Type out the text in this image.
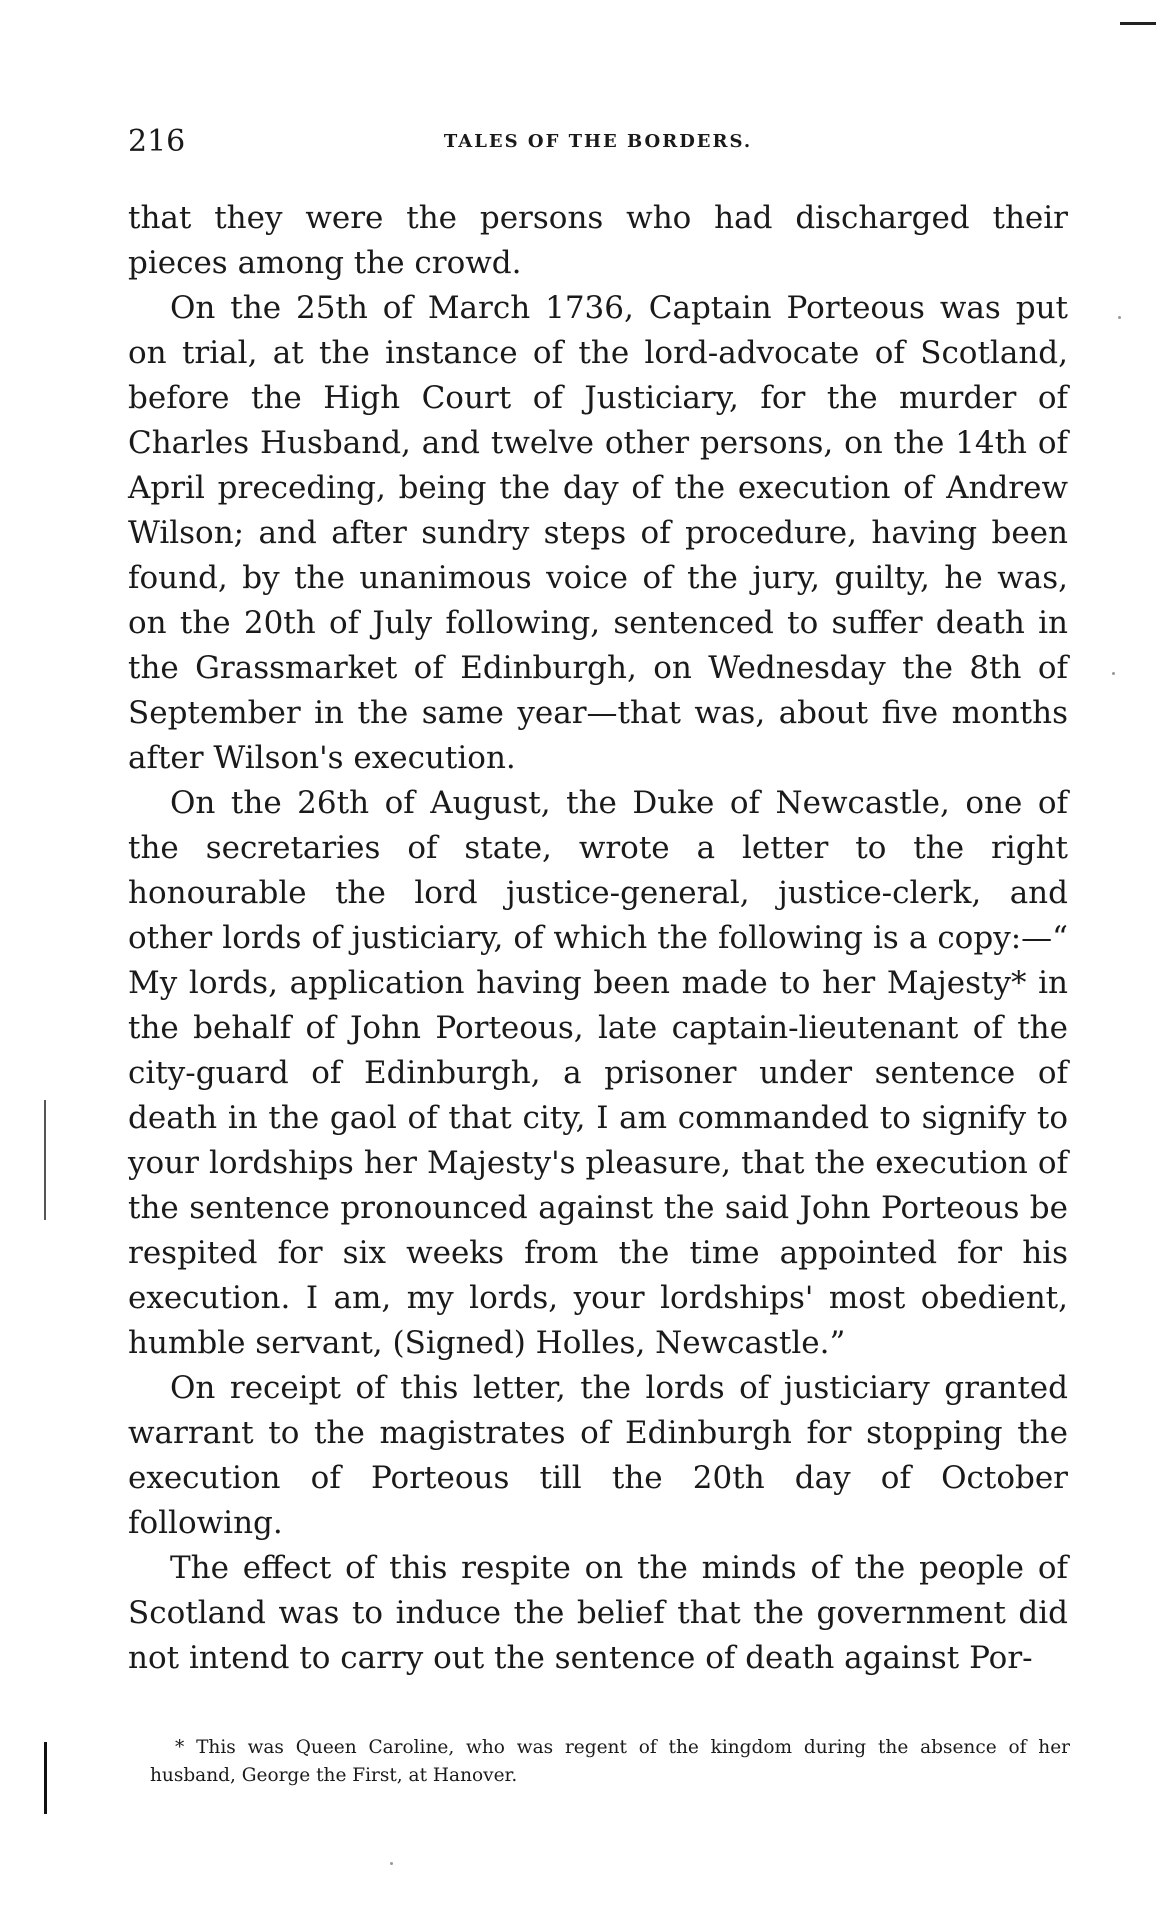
216	TALES OF THE BORDERS.

that they were the persons who had discharged their pieces among the crowd.

On the 25th of March 1736, Captain Porteous was put on trial, at the instance of the lord-advocate of Scotland, before the High Court of Justiciary, for the murder of Charles Husband, and twelve other persons, on the 14th of April preceding, being the day of the execution of Andrew Wilson; and after sundry steps of procedure, having been found, by the unanimous voice of the jury, guilty, he was, on the 20th of July following, sentenced to suffer death in the Grassmarket of Edinburgh, on Wednesday the 8th of September in the same year—that was, about five months after Wilson's execution.

On the 26th of August, the Duke of Newcastle, one of the secretaries of state, wrote a letter to the right honourable the lord justice-general, justice-clerk, and other lords of justiciary, of which the following is a copy:—“ My lords, application having been made to her Majesty* in the behalf of John Porteous, late captain-lieutenant of the city-guard of Edinburgh, a prisoner under sentence of death in the gaol of that city, I am commanded to signify to your lordships her Majesty's pleasure, that the execution of the sentence pronounced against the said John Porteous be respited for six weeks from the time appointed for his execution. I am, my lords, your lordships' most obedient, humble servant, (Signed) Holles, Newcastle.”

On receipt of this letter, the lords of justiciary granted warrant to the magistrates of Edinburgh for stopping the execution of Porteous till the 20th day of October following.

The effect of this respite on the minds of the people of Scotland was to induce the belief that the government did not intend to carry out the sentence of death against Por-

* This was Queen Caroline, who was regent of the kingdom during the absence of her husband, George the First, at Hanover.
